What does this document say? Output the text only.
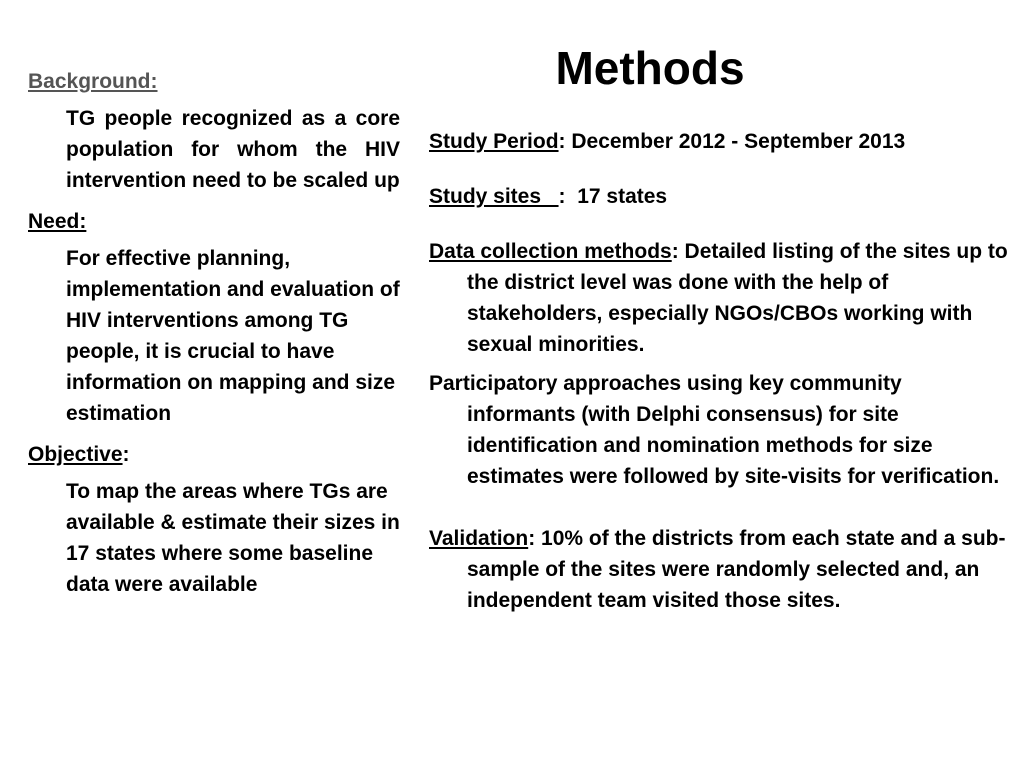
Methods

Background:

TG people recognized as a core population for whom the HIV intervention need to be scaled up

Need:

For effective planning, implementation and evaluation of HIV interventions among TG people, it is crucial to have information on mapping and size estimation

Objective:

To map the areas where TGs are available & estimate their sizes in 17 states where some baseline data were available

Study Period: December 2012 - September 2013

Study sites   :  17 states

Data collection methods: Detailed listing of the sites up to the district level was done with the help of stakeholders, especially NGOs/CBOs working with sexual minorities.

Participatory approaches using key community informants (with Delphi consensus) for site identification and nomination methods for size estimates were followed by site-visits for verification.

Validation: 10% of the districts from each state and a sub-sample of the sites were randomly selected and, an independent team visited those sites.
